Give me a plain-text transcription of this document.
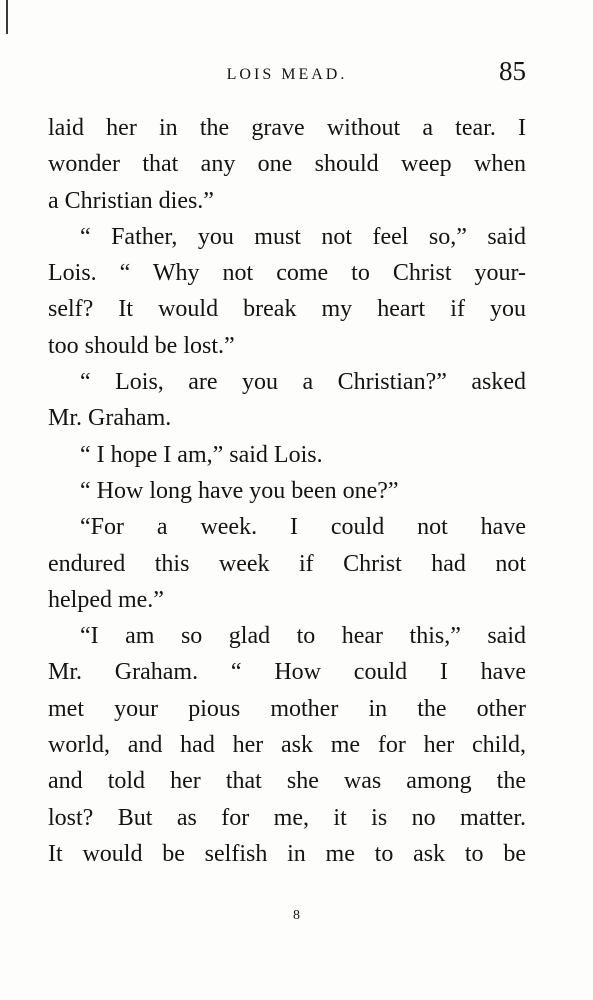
LOIS MEAD.	85
laid her in the grave without a tear. I
wonder that any one should weep when
a Christian dies.”
“ Father, you must not feel so,” said
Lois. “ Why not come to Christ your-
self? It would break my heart if you
too should be lost.”
“ Lois, are you a Christian?” asked
Mr. Graham.
“ I hope I am,” said Lois.
“ How long have you been one?”
“For a week. I could not have
endured this week if Christ had not
helped me.”
“I am so glad to hear this,” said
Mr. Graham. “ How could I have
met your pious mother in the other
world, and had her ask me for her child,
and told her that she was among the
lost? But as for me, it is no matter.
It would be selfish in me to ask to be
8
